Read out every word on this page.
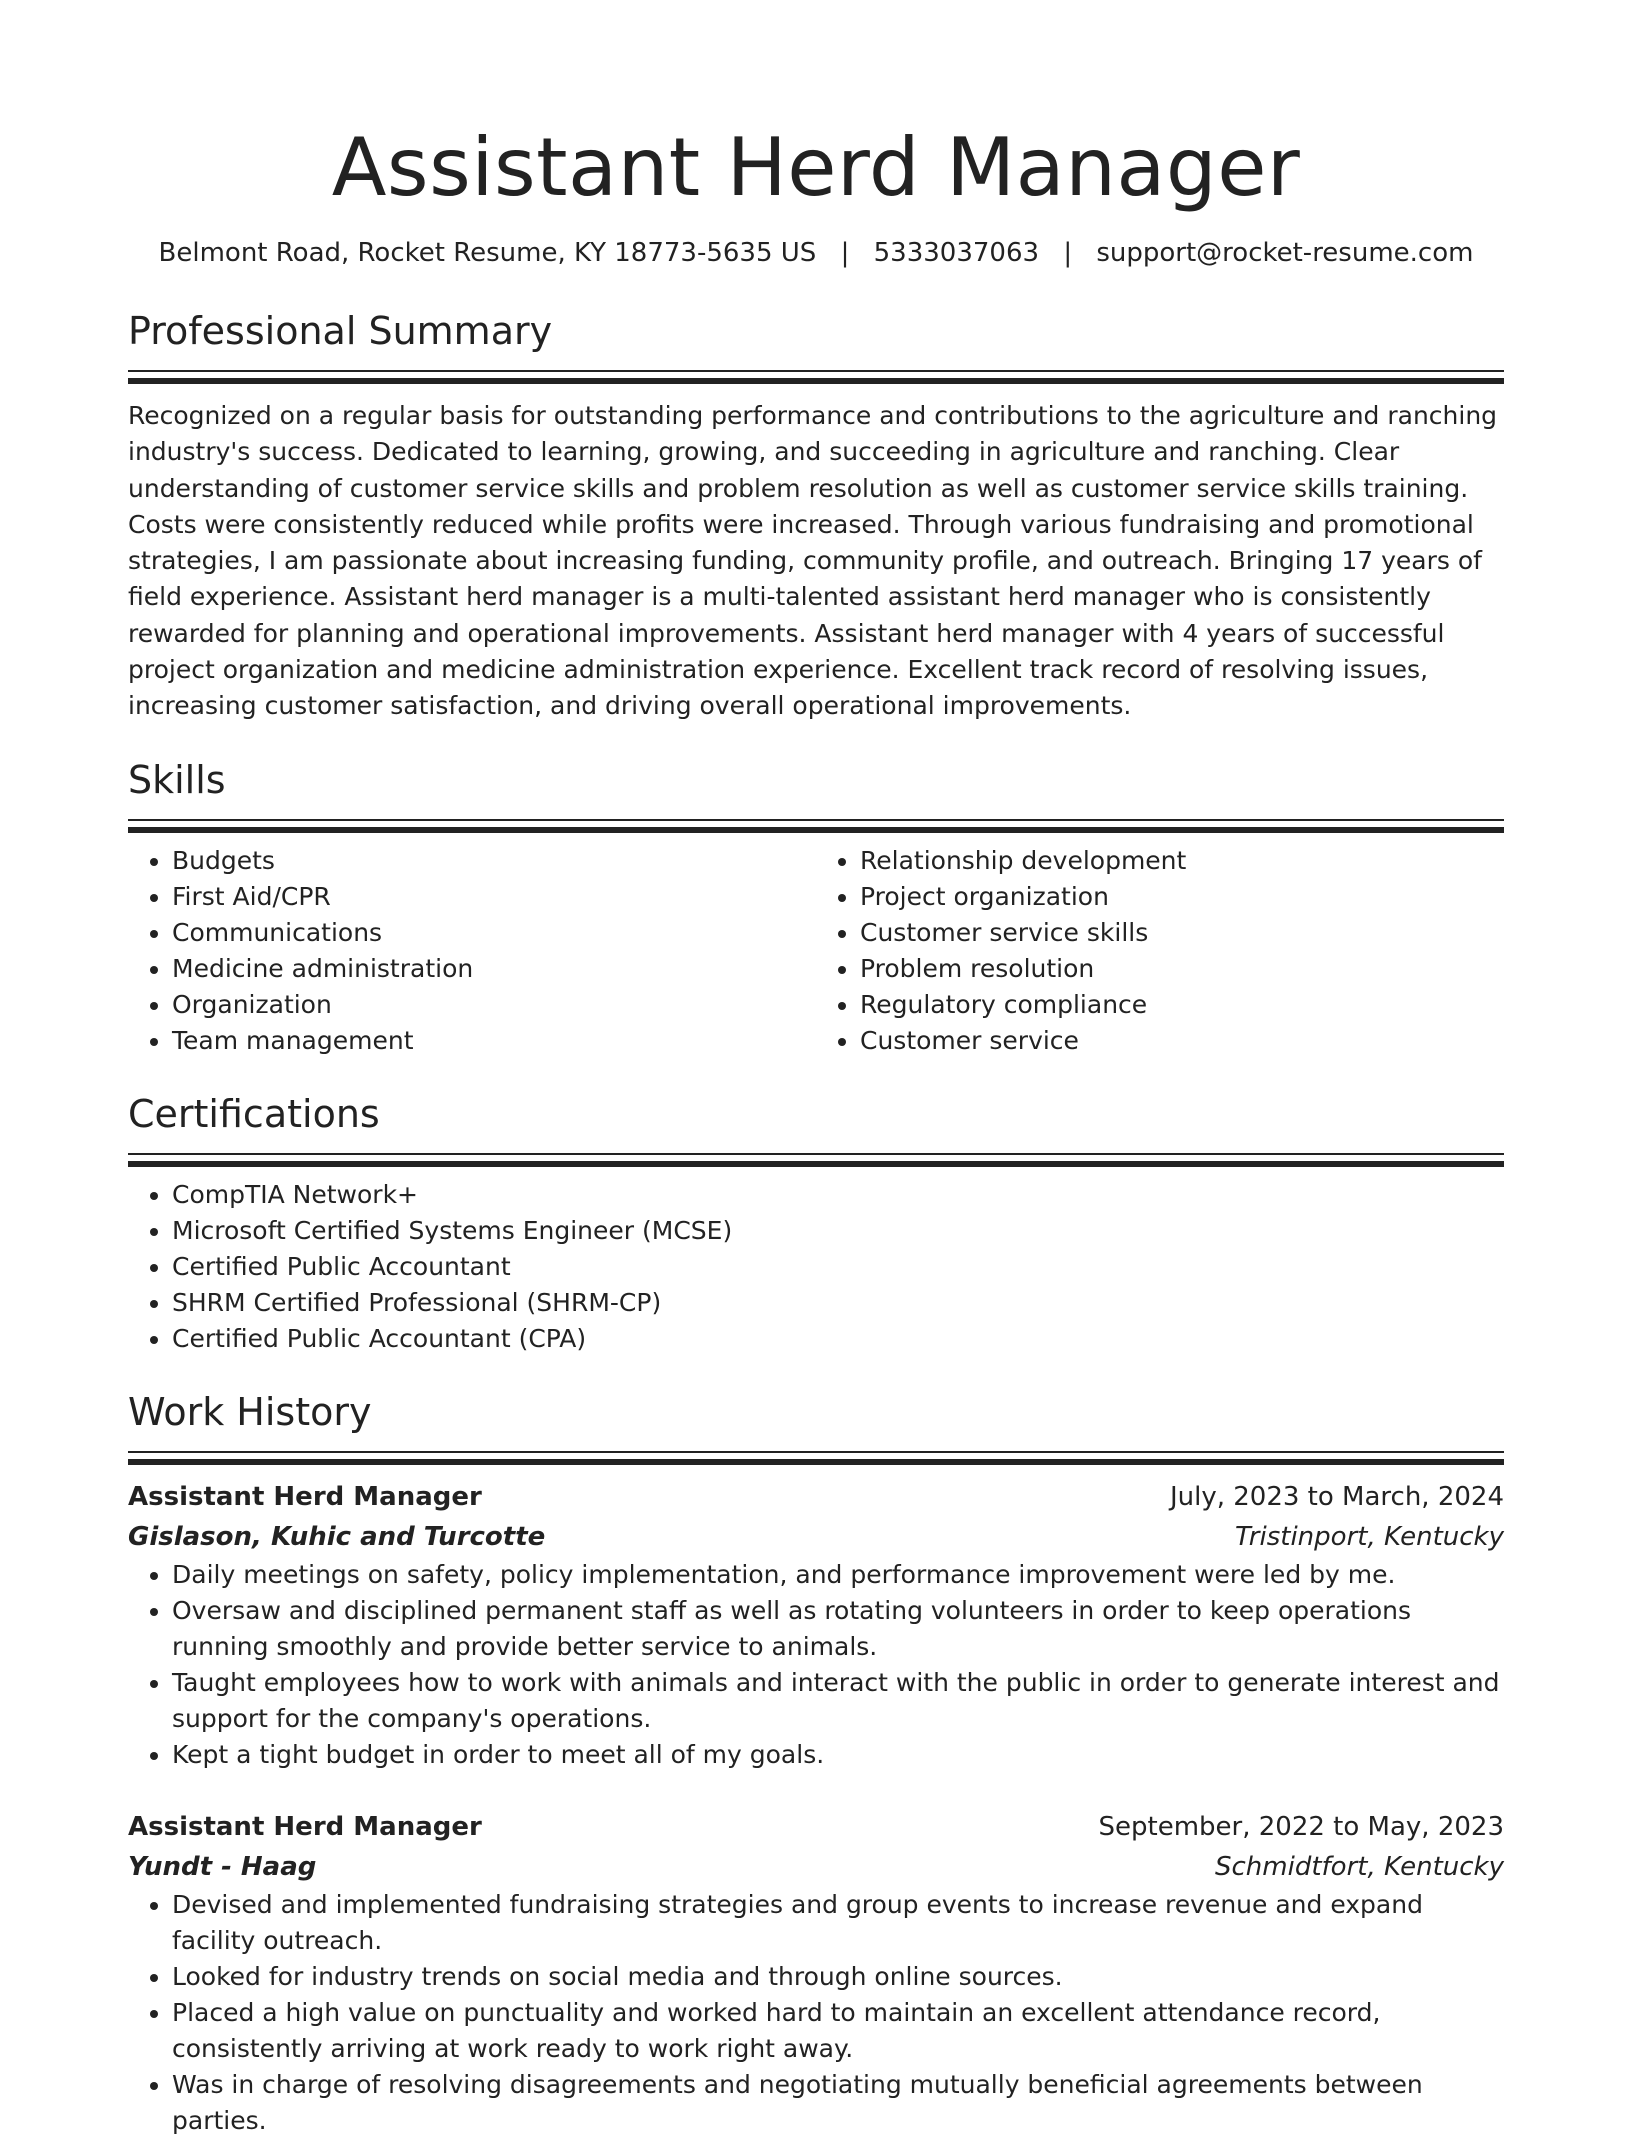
Assistant Herd Manager
Belmont Road, Rocket Resume, KY 18773-5635 US | 5333037063 | support@rocket-resume.com
Professional Summary

Recognized on a regular basis for outstanding performance and contributions to the agriculture and ranching industry's success. Dedicated to learning, growing, and succeeding in agriculture and ranching. Clear understanding of customer service skills and problem resolution as well as customer service skills training. Costs were consistently reduced while profits were increased. Through various fundraising and promotional strategies, I am passionate about increasing funding, community profile, and outreach. Bringing 17 years of field experience. Assistant herd manager is a multi-talented assistant herd manager who is consistently rewarded for planning and operational improvements. Assistant herd manager with 4 years of successful project organization and medicine administration experience. Excellent track record of resolving issues, increasing customer satisfaction, and driving overall operational improvements.

Skills
• Budgets
• First Aid/CPR
• Communications
• Medicine administration
• Organization
• Team management
• Relationship development
• Project organization
• Customer service skills
• Problem resolution
• Regulatory compliance
• Customer service
Certifications
• CompTIA Network+
• Microsoft Certified Systems Engineer (MCSE)
• Certified Public Accountant
• SHRM Certified Professional (SHRM-CP)
• Certified Public Accountant (CPA)
Work History
Assistant Herd Manager	July, 2023 to March, 2024
Gislason, Kuhic and Turcotte	Tristinport, Kentucky
• Daily meetings on safety, policy implementation, and performance improvement were led by me.
• Oversaw and disciplined permanent staff as well as rotating volunteers in order to keep operations running smoothly and provide better service to animals.
• Taught employees how to work with animals and interact with the public in order to generate interest and support for the company's operations.
• Kept a tight budget in order to meet all of my goals.
Assistant Herd Manager	September, 2022 to May, 2023
Yundt - Haag	Schmidtfort, Kentucky
• Devised and implemented fundraising strategies and group events to increase revenue and expand facility outreach.
• Looked for industry trends on social media and through online sources.
• Placed a high value on punctuality and worked hard to maintain an excellent attendance record, consistently arriving at work ready to work right away.
• Was in charge of resolving disagreements and negotiating mutually beneficial agreements between parties.
